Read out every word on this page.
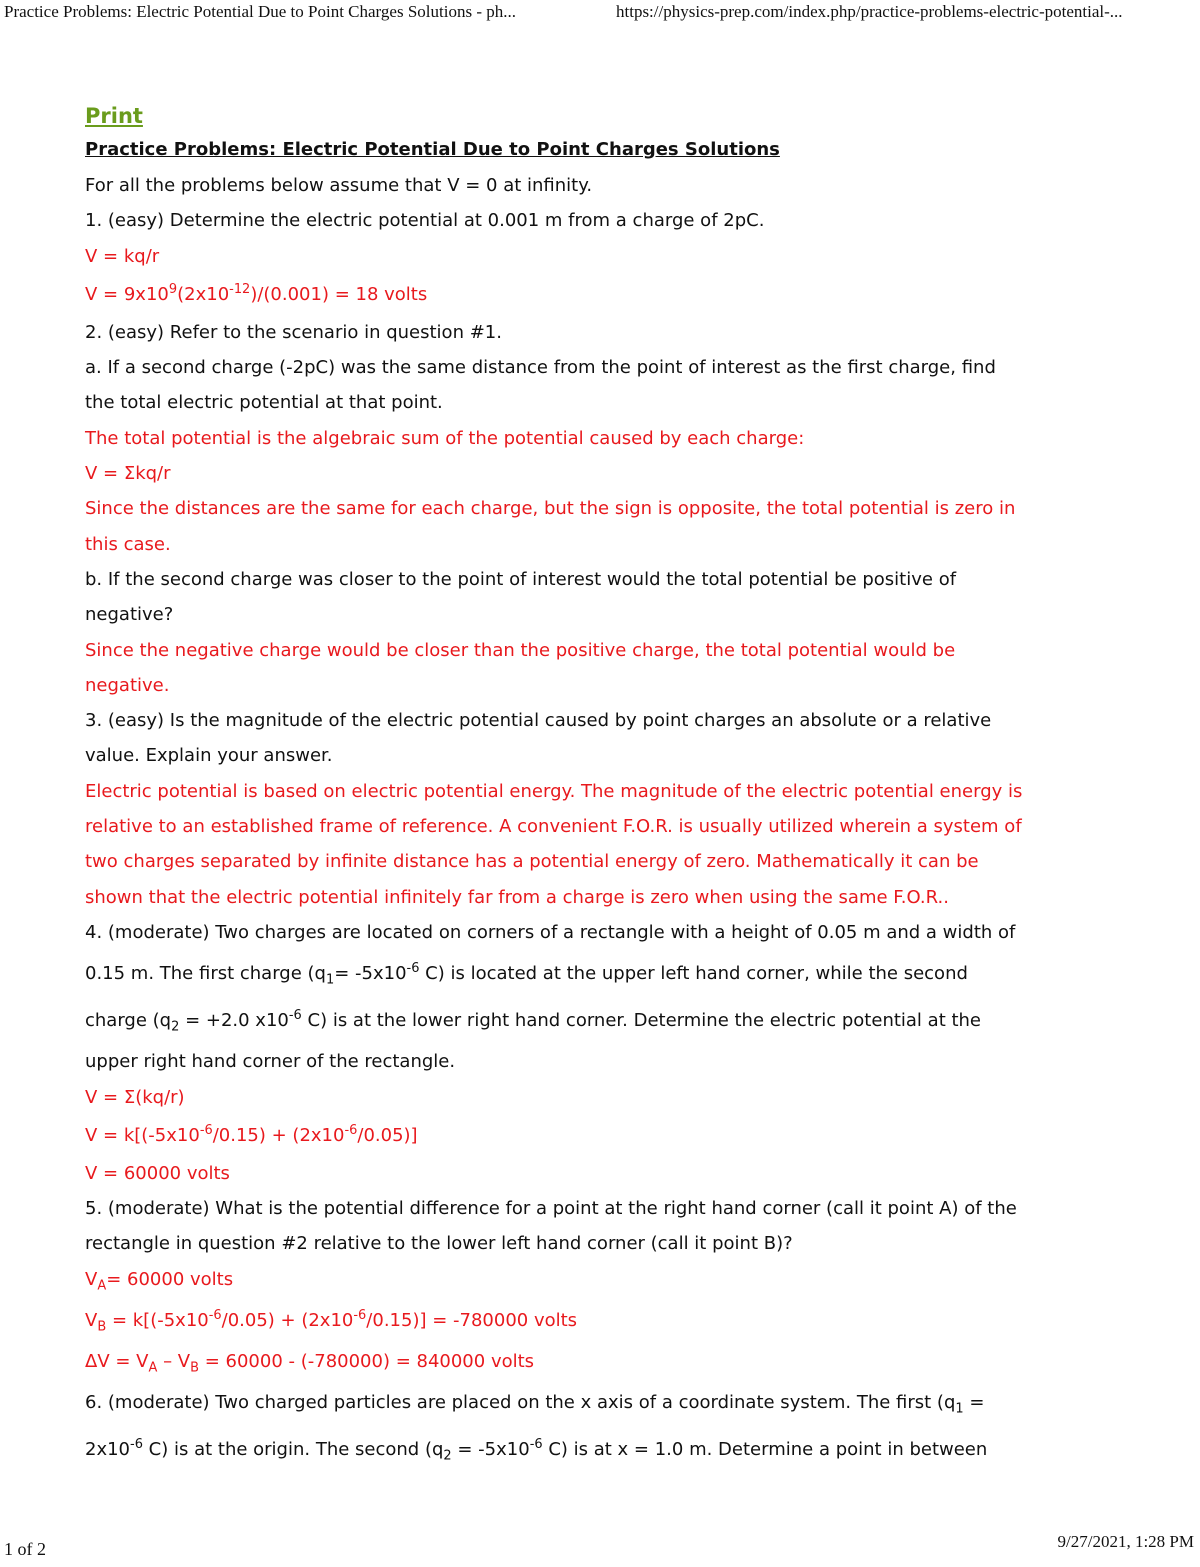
Practice Problems: Electric Potential Due to Point Charges Solutions - ph...	https://physics-prep.com/index.php/practice-problems-electric-potential-...
Print
Practice Problems: Electric Potential Due to Point Charges Solutions

For all the problems below assume that V = 0 at infinity.

1. (easy) Determine the electric potential at 0.001 m from a charge of 2pC.

V = kq/r

$V = 9x10^9(2x10^{-12})/(0.001) = 18$ volts

2. (easy) Refer to the scenario in question #1.

a. If a second charge (-2pC) was the same distance from the point of interest as the first charge, find

the total electric potential at that point.

The total potential is the algebraic sum of the potential caused by each charge:

V = Σkq/r

Since the distances are the same for each charge, but the sign is opposite, the total potential is zero in

this case.

b. If the second charge was closer to the point of interest would the total potential be positive of

negative?

Since the negative charge would be closer than the positive charge, the total potential would be

negative.

3. (easy) Is the magnitude of the electric potential caused by point charges an absolute or a relative

value. Explain your answer.

Electric potential is based on electric potential energy. The magnitude of the electric potential energy is

relative to an established frame of reference. A convenient F.O.R. is usually utilized wherein a system of

two charges separated by infinite distance has a potential energy of zero. Mathematically it can be

shown that the electric potential infinitely far from a charge is zero when using the same F.O.R..

4. (moderate) Two charges are located on corners of a rectangle with a height of 0.05 m and a width of

0.15 m. The first charge ($q_1= -5x10^{-6}$ C) is located at the upper left hand corner, while the second

charge ($q_2 = +2.0$ $x10^{-6}$ C) is at the lower right hand corner. Determine the electric potential at the

upper right hand corner of the rectangle.

V = Σ(kq/r)

$V = k[(-5x10^{-6}/0.15) + (2x10^{-6}/0.05)]$

V = 60000 volts

5. (moderate) What is the potential difference for a point at the right hand corner (call it point A) of the

rectangle in question #2 relative to the lower left hand corner (call it point B)?

$V_A= 60000$ volts

$V_B = k[(-5x10^{-6}/0.05) + (2x10^{-6}/0.15)] = -780000$ volts

$\Delta V = V_A - V_B = 60000 - (-780000) = 840000$ volts

6. (moderate) Two charged particles are placed on the x axis of a coordinate system. The first ($q_1$ =

$2x10^{-6}$ C) is at the origin. The second ($q_2 = -5x10^{-6}$ C) is at x = 1.0 m. Determine a point in between

1 of 2	9/27/2021, 1:28 PM
